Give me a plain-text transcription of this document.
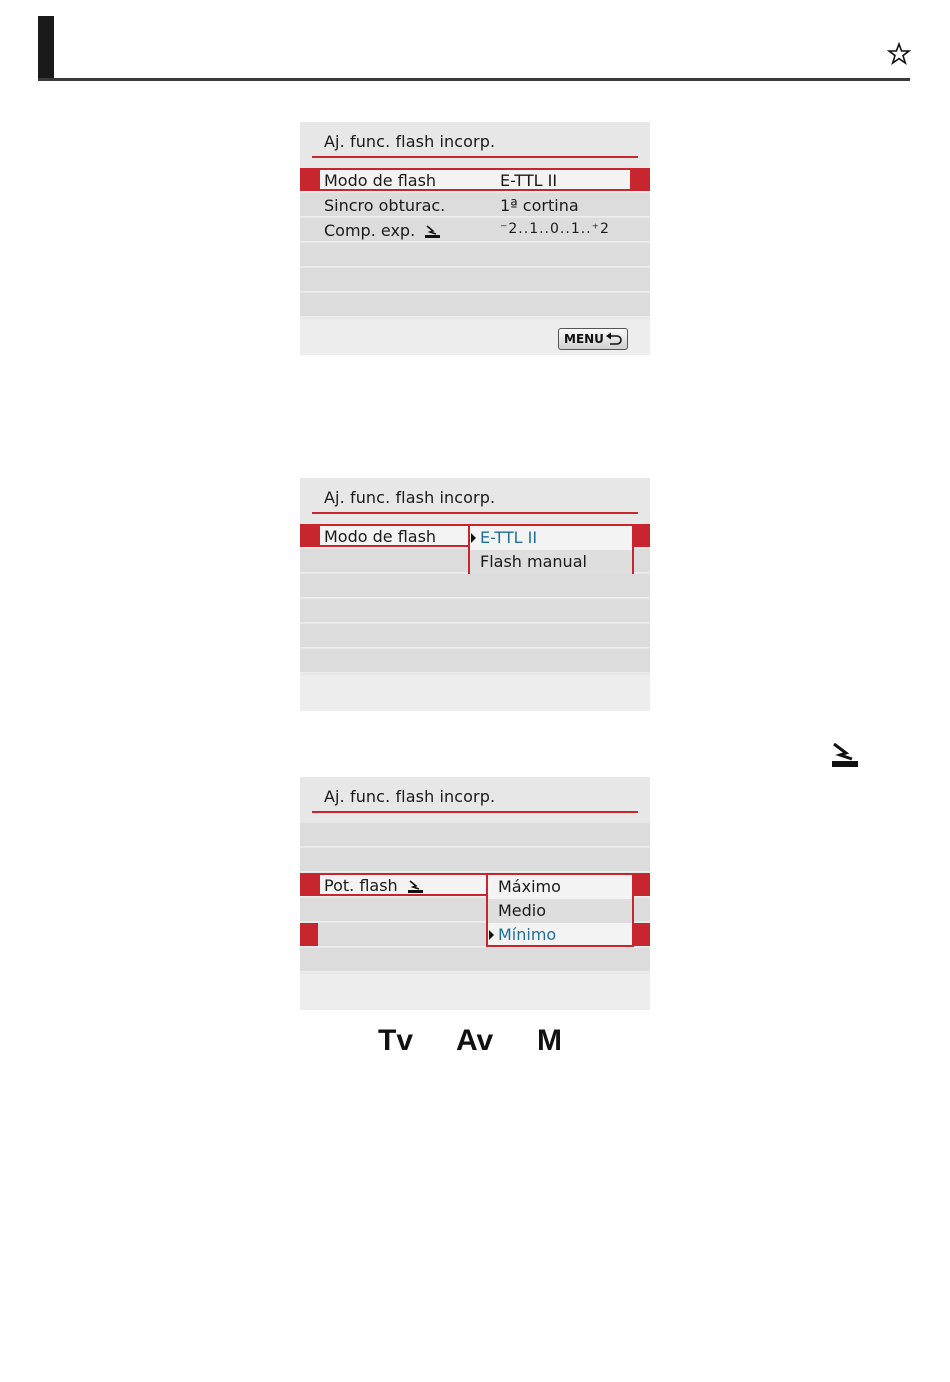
Aj. func. flash incorp.
Modo de flash	E-TTL II
Sincro obturac.	1ª cortina
Comp. exp.	⁻2..1..0..1..⁺2
MENU
Aj. func. flash incorp.
Modo de flash	E-TTL II
Flash manual
Aj. func. flash incorp.
Pot. flash	Máximo
Medio
Mínimo
Tv Av M
